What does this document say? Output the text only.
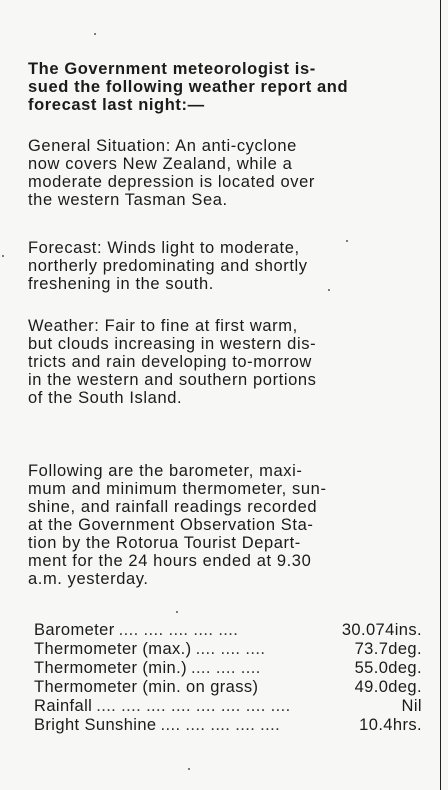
The Government meteorologist is-
sued the following weather report and
forecast last night:—

General Situation: An anti-cyclone
now covers New Zealand, while a
moderate depression is located over
the western Tasman Sea.

Forecast: Winds light to moderate,
northerly predominating and shortly
freshening in the south.

Weather: Fair to fine at first warm,
but clouds increasing in western dis-
tricts and rain developing to-morrow
in the western and southern portions
of the South Island.

Following are the barometer, maxi-
mum and minimum thermometer, sun-
shine, and rainfall readings recorded
at the Government Observation Sta-
tion by the Rotorua Tourist Depart-
ment for the 24 hours ended at 9.30
a.m. yesterday.

Barometer .... .... .... .... ....	30.074ins.
Thermometer (max.) .... .... ....	73.7deg.
Thermometer (min.) .... .... ....	55.0deg.
Thermometer (min. on grass)	49.0deg.
Rainfall .... .... .... .... .... .... .... ....	Nil
Bright Sunshine .... .... .... .... ....	10.4hrs.
